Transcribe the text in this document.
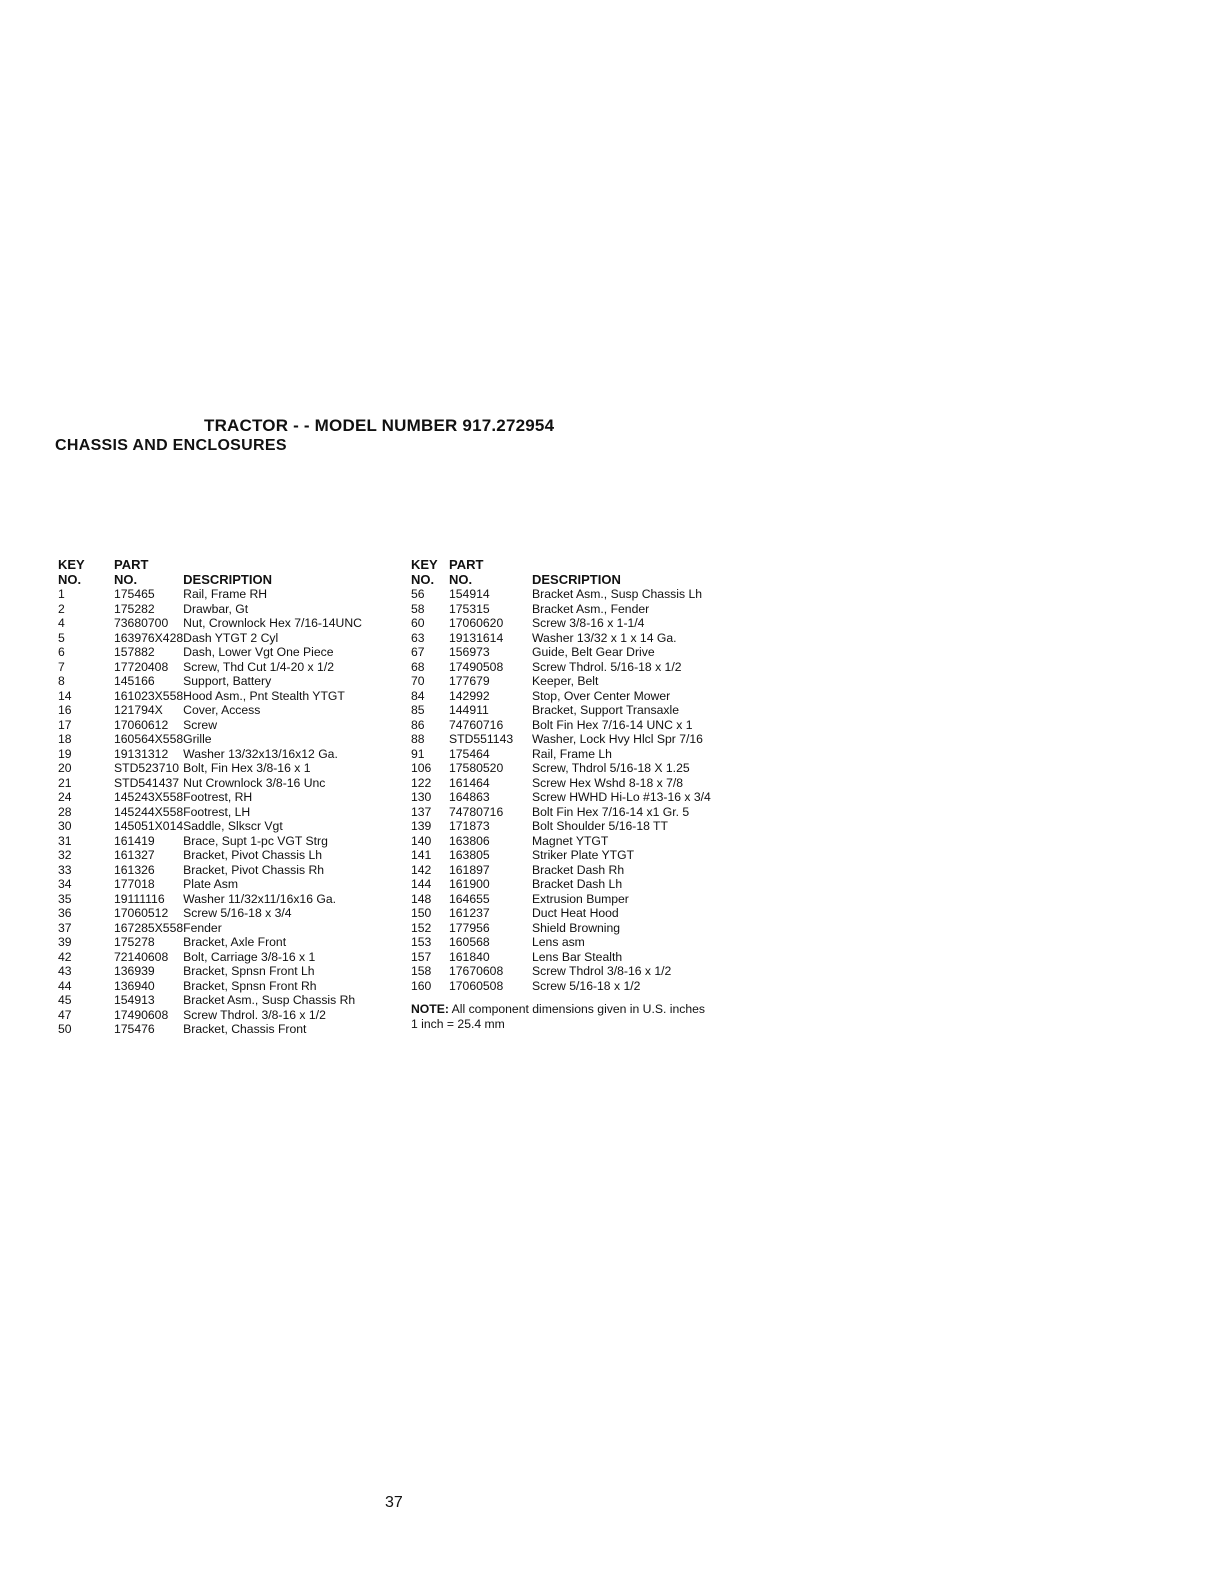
TRACTOR - - MODEL NUMBER 917.272954
CHASSIS AND ENCLOSURES
KEY	PART	
NO.	NO.	DESCRIPTION
1	175465	Rail, Frame RH
2	175282	Drawbar, Gt
4	73680700	Nut, Crownlock Hex 7/16-14UNC
5	163976X428	Dash YTGT 2 Cyl
6	157882	Dash, Lower Vgt One Piece
7	17720408	Screw, Thd Cut 1/4-20 x 1/2
8	145166	Support, Battery
14	161023X558	Hood Asm., Pnt Stealth YTGT
16	121794X	Cover, Access
17	17060612	Screw
18	160564X558	Grille
19	19131312	Washer 13/32x13/16x12 Ga.
20	STD523710	Bolt, Fin Hex 3/8-16 x 1
21	STD541437	Nut Crownlock 3/8-16 Unc
24	145243X558	Footrest, RH
28	145244X558	Footrest, LH
30	145051X014	Saddle, Slkscr Vgt
31	161419	Brace, Supt 1-pc VGT Strg
32	161327	Bracket, Pivot Chassis Lh
33	161326	Bracket, Pivot Chassis Rh
34	177018	Plate Asm
35	19111116	Washer 11/32x11/16x16 Ga.
36	17060512	Screw 5/16-18 x 3/4
37	167285X558	Fender
39	175278	Bracket, Axle Front
42	72140608	Bolt, Carriage 3/8-16 x 1
43	136939	Bracket, Spnsn Front Lh
44	136940	Bracket, Spnsn Front Rh
45	154913	Bracket Asm., Susp Chassis Rh
47	17490608	Screw Thdrol. 3/8-16 x 1/2
50	175476	Bracket, Chassis Front
KEY	PART	
NO.	NO.	DESCRIPTION
56	154914	Bracket Asm., Susp Chassis Lh
58	175315	Bracket Asm., Fender
60	17060620	Screw 3/8-16 x 1-1/4
63	19131614	Washer 13/32 x 1 x 14 Ga.
67	156973	Guide, Belt Gear Drive
68	17490508	Screw Thdrol. 5/16-18 x 1/2
70	177679	Keeper, Belt
84	142992	Stop, Over Center Mower
85	144911	Bracket, Support Transaxle
86	74760716	Bolt Fin Hex 7/16-14 UNC x 1
88	STD551143	Washer, Lock Hvy Hlcl Spr 7/16
91	175464	Rail, Frame Lh
106	17580520	Screw, Thdrol 5/16-18 X 1.25
122	161464	Screw Hex Wshd 8-18 x 7/8
130	164863	Screw HWHD Hi-Lo #13-16 x 3/4
137	74780716	Bolt Fin Hex 7/16-14 x1 Gr. 5
139	171873	Bolt Shoulder 5/16-18 TT
140	163806	Magnet YTGT
141	163805	Striker Plate YTGT
142	161897	Bracket Dash Rh
144	161900	Bracket Dash Lh
148	164655	Extrusion Bumper
150	161237	Duct Heat Hood
152	177956	Shield Browning
153	160568	Lens asm
157	161840	Lens Bar Stealth
158	17670608	Screw Thdrol 3/8-16 x 1/2
160	17060508	Screw 5/16-18 x 1/2
NOTE: All component dimensions given in U.S. inches
1 inch = 25.4 mm
37
